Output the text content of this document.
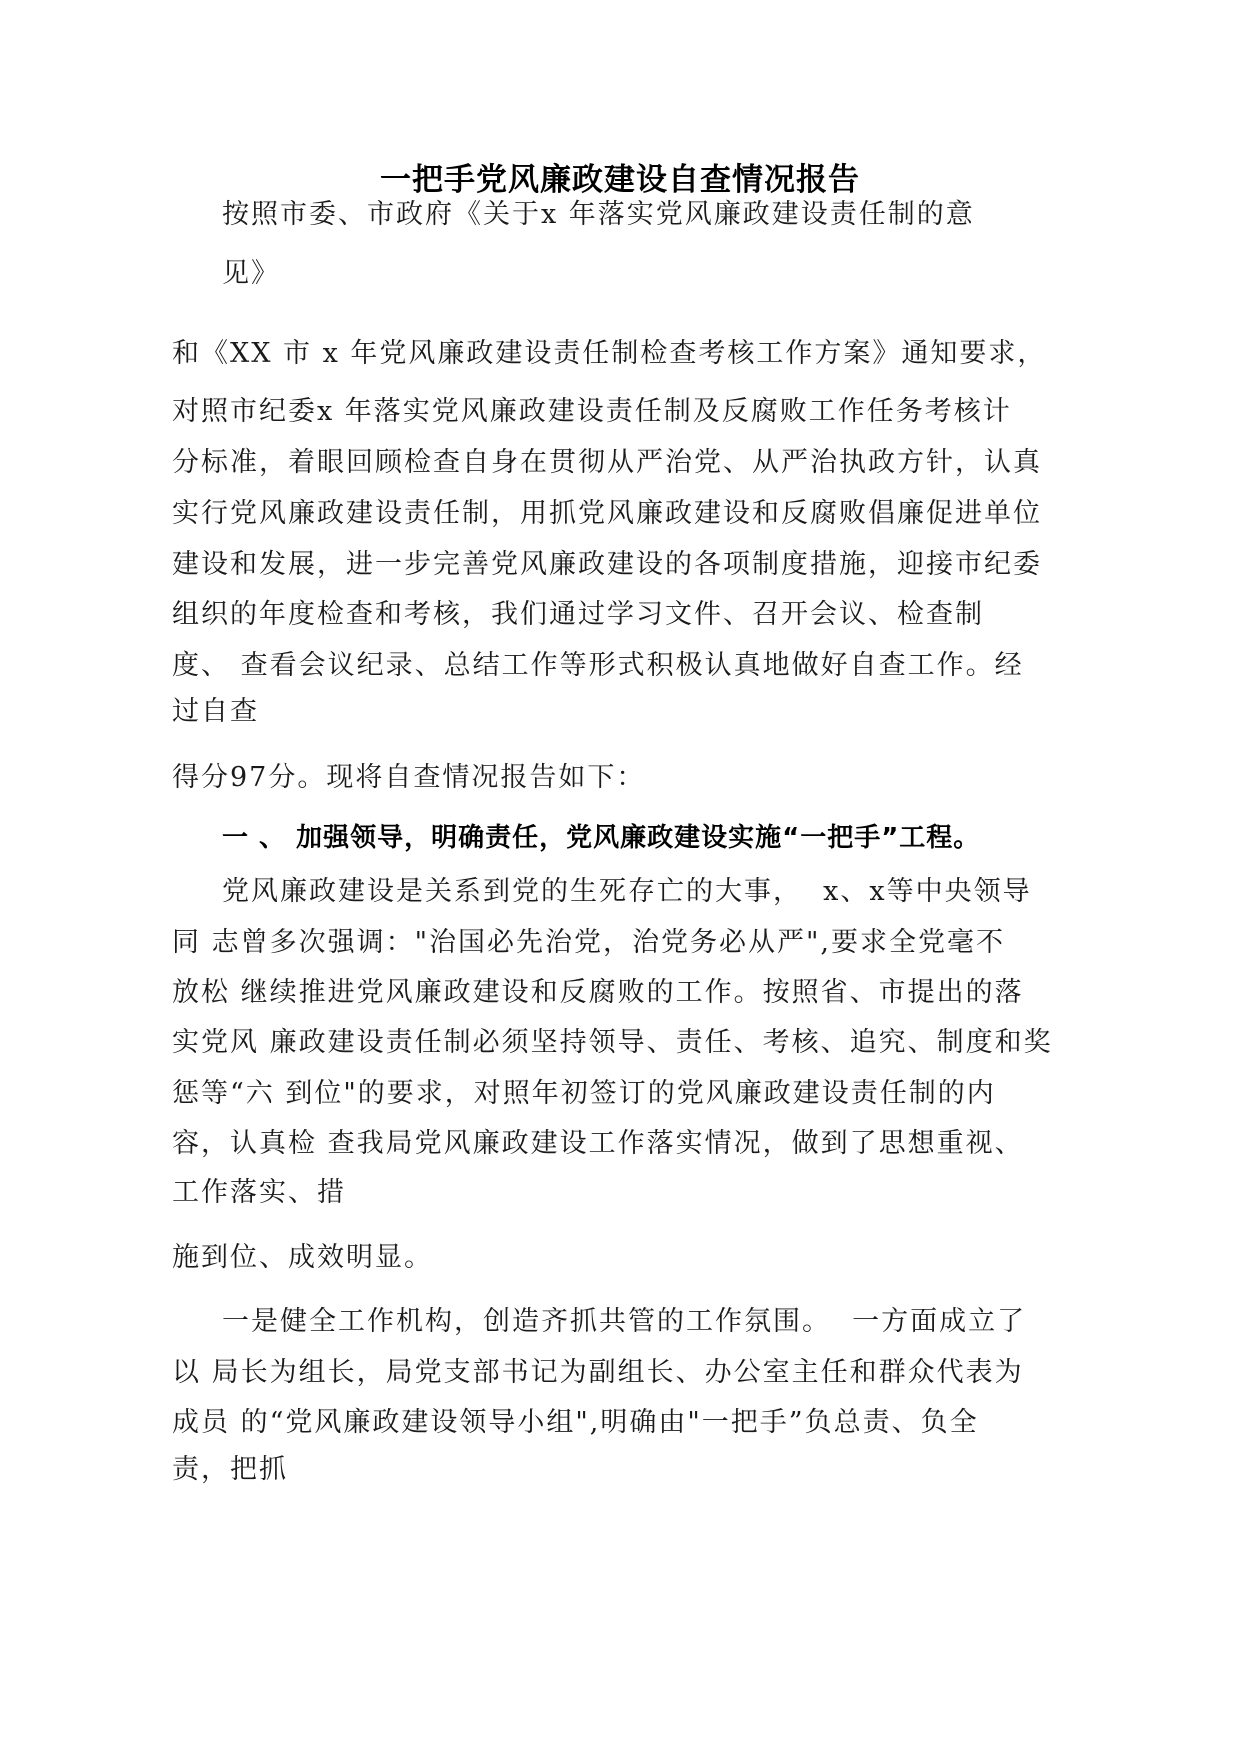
一把手党风廉政建设自查情况报告
按照市委、市政府《关于x 年落实党风廉政建设责任制的意
见》
和《XX 市 x 年党风廉政建设责任制检查考核工作方案》通知要求，
对照市纪委x 年落实党风廉政建设责任制及反腐败工作任务考核计
分标准，着眼回顾检查自身在贯彻从严治党、从严治执政方针，认真
实行党风廉政建设责任制，用抓党风廉政建设和反腐败倡廉促进单位
建设和发展，进一步完善党风廉政建设的各项制度措施，迎接市纪委
组织的年度检查和考核，我们通过学习文件、召开会议、检查制
度、 查看会议纪录、总结工作等形式积极认真地做好自查工作。经
过自查
得分97分。现将自查情况报告如下：
一 、 加强领导，明确责任，党风廉政建设实施“一把手”工程。
党风廉政建设是关系到党的生死存亡的大事，  x、x等中央领导
同 志曾多次强调："治国必先治党，治党务必从严",要求全党毫不
放松 继续推进党风廉政建设和反腐败的工作。按照省、市提出的落
实党风 廉政建设责任制必须坚持领导、责任、考核、追究、制度和奖
惩等“六 到位"的要求，对照年初签订的党风廉政建设责任制的内
容，认真检 查我局党风廉政建设工作落实情况，做到了思想重视、
工作落实、措
施到位、成效明显。
一是健全工作机构，创造齐抓共管的工作氛围。  一方面成立了
以 局长为组长，局党支部书记为副组长、办公室主任和群众代表为
成员 的“党风廉政建设领导小组",明确由"一把手”负总责、负全
责，把抓
